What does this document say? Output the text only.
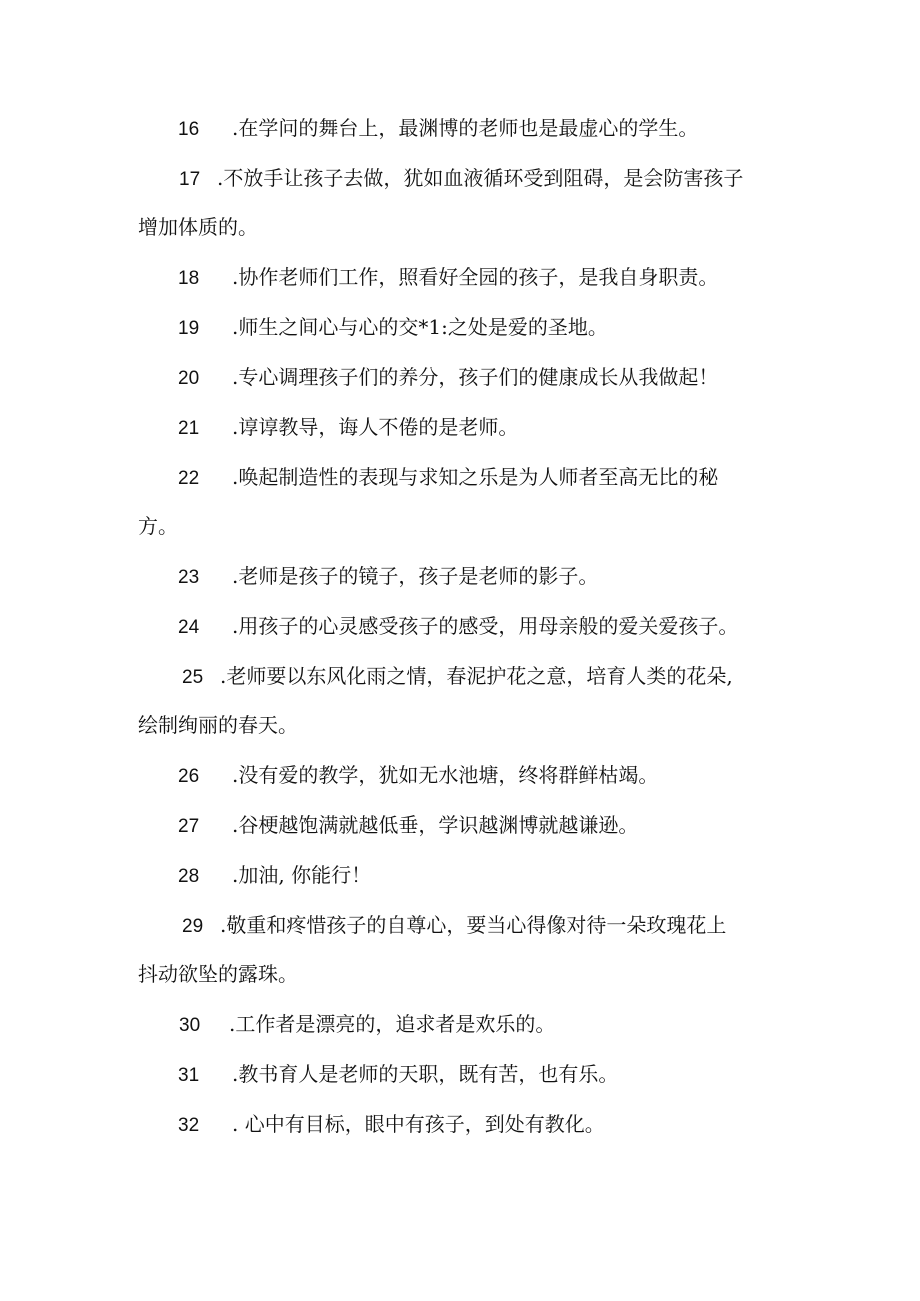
16 .在学问的舞台上，最渊博的老师也是最虚心的学生。
17 .不放手让孩子去做，犹如血液循环受到阻碍，是会防害孩子
增加体质的。
18 .协作老师们工作，照看好全园的孩子，是我自身职责。
19 .师生之间心与心的交*1:之处是爱的圣地。
20 .专心调理孩子们的养分，孩子们的健康成长从我做起！
21 .谆谆教导，诲人不倦的是老师。
22 .唤起制造性的表现与求知之乐是为人师者至高无比的秘
方。
23 .老师是孩子的镜子，孩子是老师的影子。
24 .用孩子的心灵感受孩子的感受，用母亲般的爱关爱孩子。
25 .老师要以东风化雨之情，春泥护花之意，培育人类的花朵,
绘制绚丽的春天。
26 .没有爱的教学，犹如无水池塘，终将群鲜枯竭。
27 .谷梗越饱满就越低垂，学识越渊博就越谦逊。
28 .加油, 你能行！
29 .敬重和疼惜孩子的自尊心，要当心得像对待一朵玫瑰花上
抖动欲坠的露珠。
30 .工作者是漂亮的，追求者是欢乐的。
31 .教书育人是老师的天职，既有苦，也有乐。
32 . 心中有目标，眼中有孩子，到处有教化。
